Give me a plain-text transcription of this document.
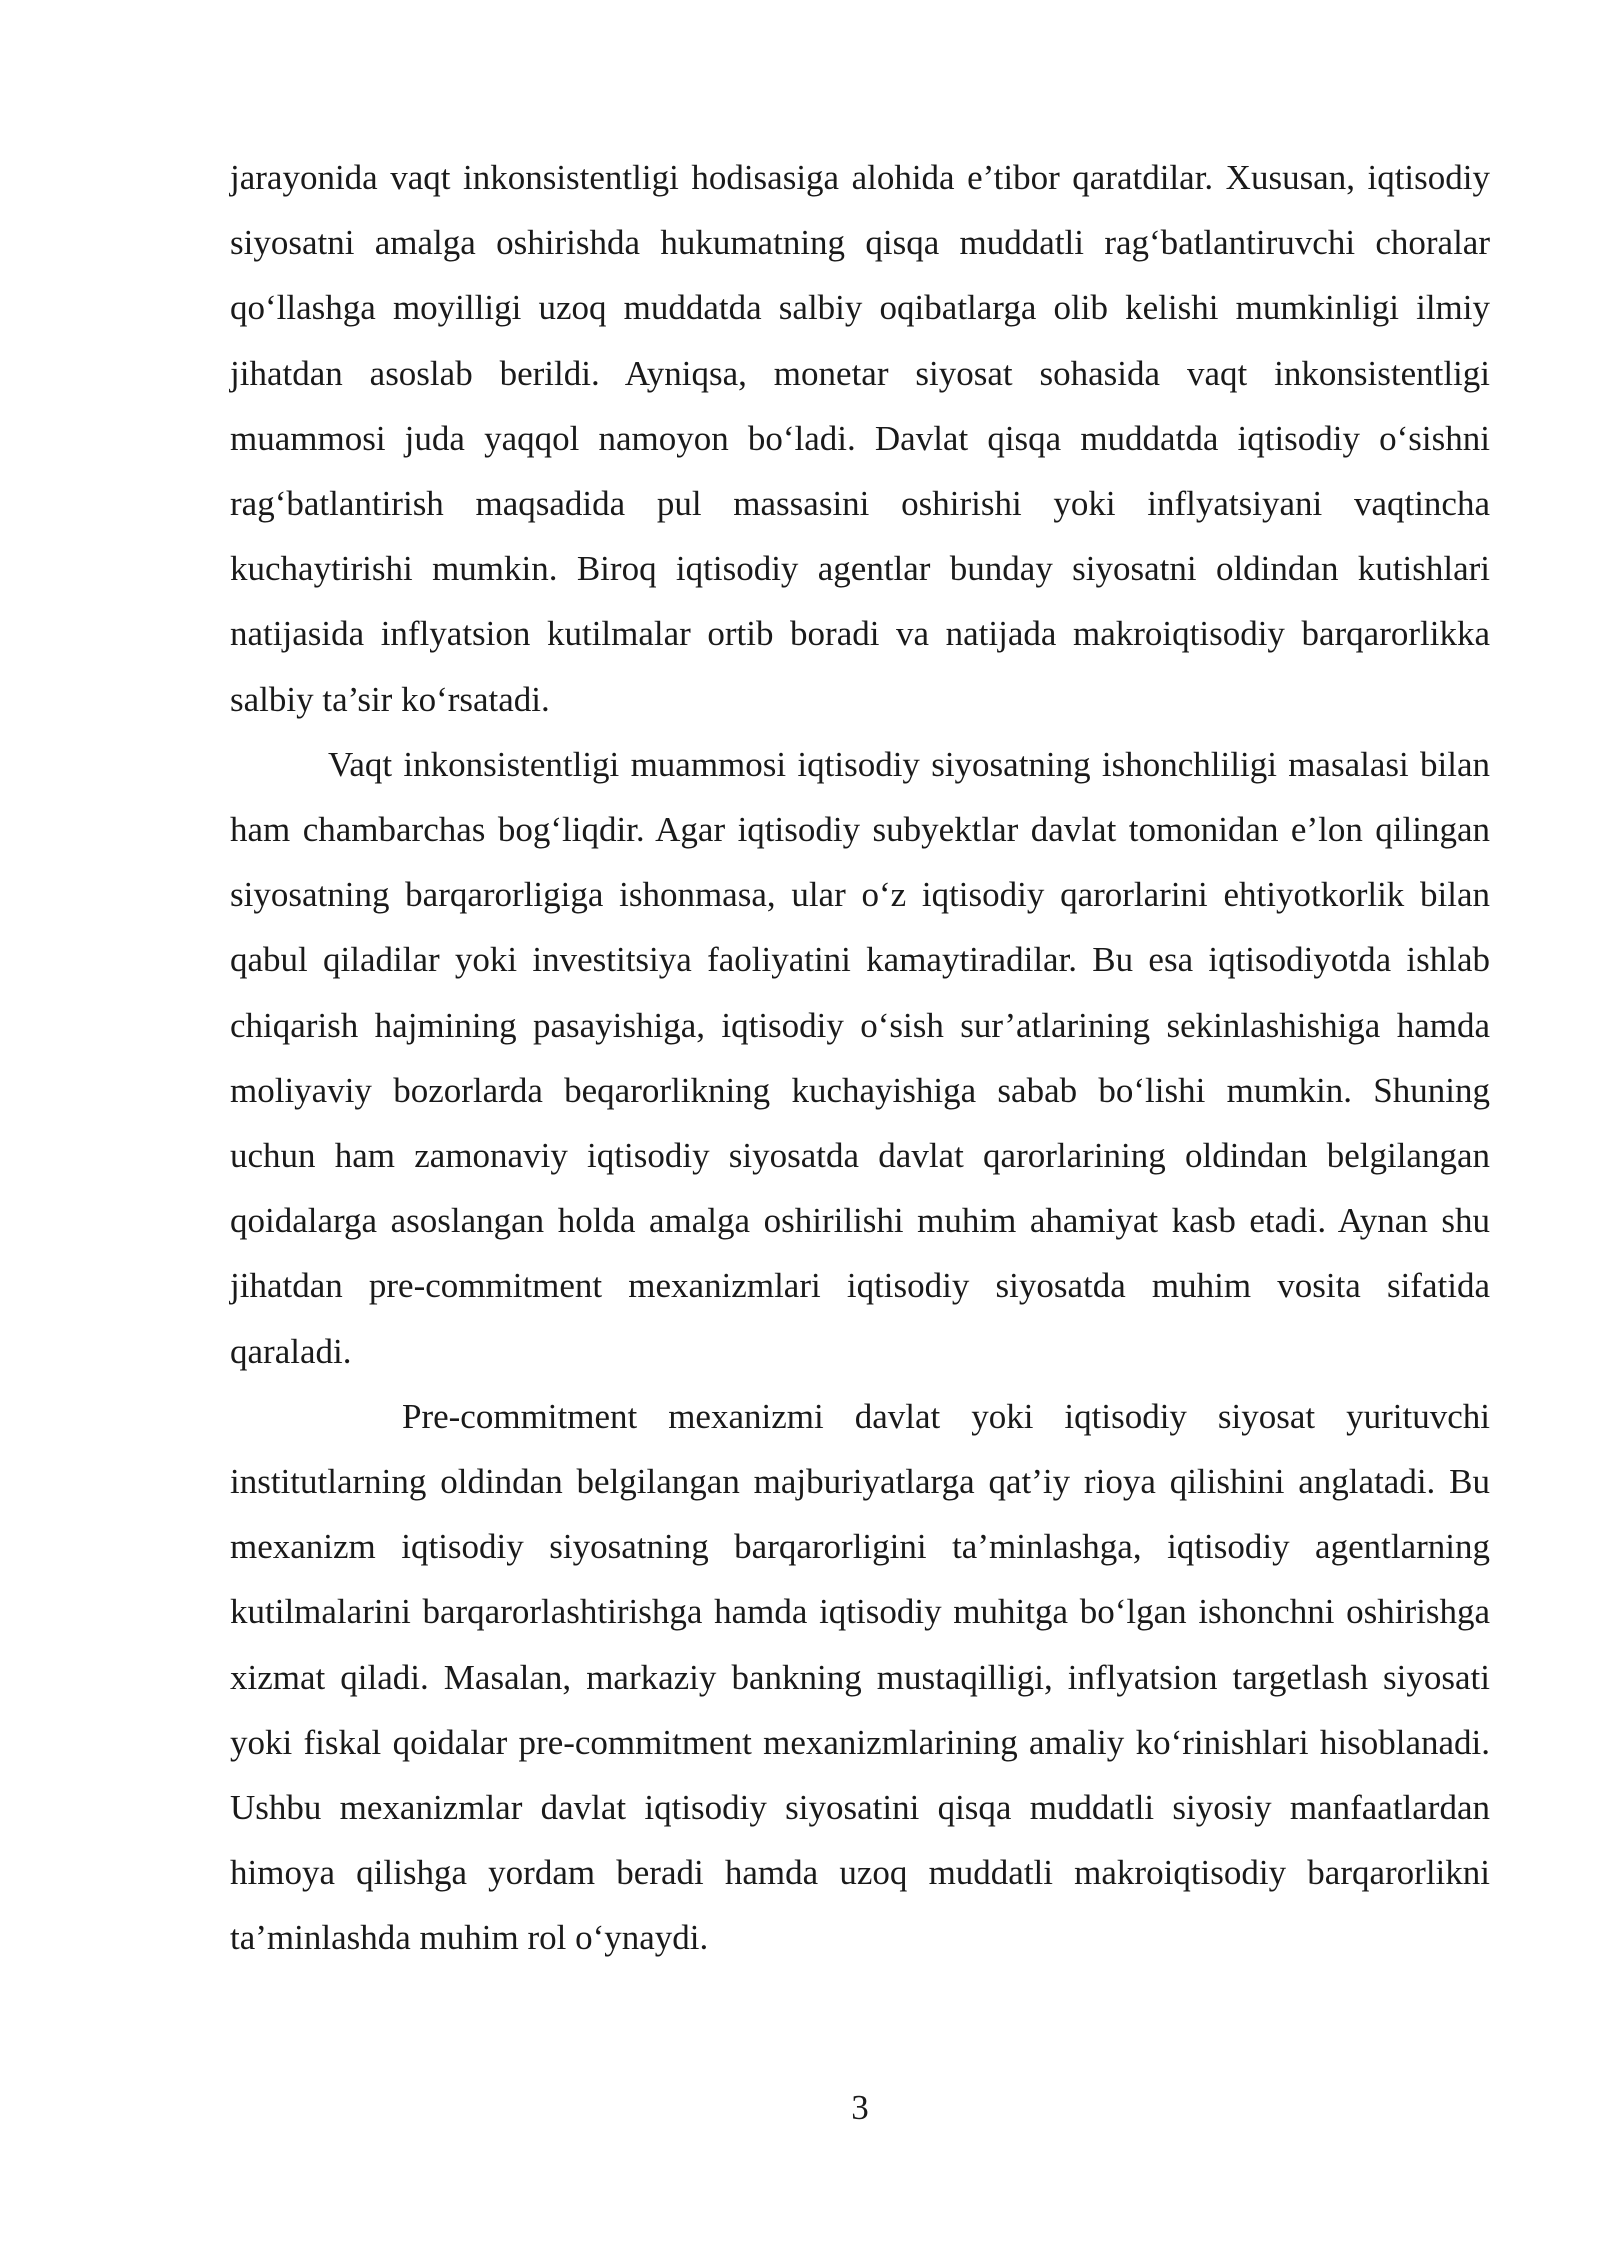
jarayonida vaqt inkonsistentligi hodisasiga alohida e’tibor qaratdilar. Xususan, iqtisodiy siyosatni amalga oshirishda hukumatning qisqa muddatli rag‘batlantiruvchi choralar qo‘llashga moyilligi uzoq muddatda salbiy oqibatlarga olib kelishi mumkinligi ilmiy jihatdan asoslab berildi. Ayniqsa, monetar siyosat sohasida vaqt inkonsistentligi muammosi juda yaqqol namoyon bo‘ladi. Davlat qisqa muddatda iqtisodiy o‘sishni rag‘batlantirish maqsadida pul massasini oshirishi yoki inflyatsiyani vaqtincha kuchaytirishi mumkin. Biroq iqtisodiy agentlar bunday siyosatni oldindan kutishlari natijasida inflyatsion kutilmalar ortib boradi va natijada makroiqtisodiy barqarorlikka salbiy ta’sir ko‘rsatadi.

Vaqt inkonsistentligi muammosi iqtisodiy siyosatning ishonchliligi masalasi bilan ham chambarchas bog‘liqdir. Agar iqtisodiy subyektlar davlat tomonidan e’lon qilingan siyosatning barqarorligiga ishonmasa, ular o‘z iqtisodiy qarorlarini ehtiyotkorlik bilan qabul qiladilar yoki investitsiya faoliyatini kamaytiradilar. Bu esa iqtisodiyotda ishlab chiqarish hajmining pasayishiga, iqtisodiy o‘sish sur’atlarining sekinlashishiga hamda moliyaviy bozorlarda beqarorlikning kuchayishiga sabab bo‘lishi mumkin. Shuning uchun ham zamonaviy iqtisodiy siyosatda davlat qarorlarining oldindan belgilangan qoidalarga asoslangan holda amalga oshirilishi muhim ahamiyat kasb etadi. Aynan shu jihatdan pre-commitment mexanizmlari iqtisodiy siyosatda muhim vosita sifatida qaraladi.

Pre-commitment mexanizmi davlat yoki iqtisodiy siyosat yurituvchi institutlarning oldindan belgilangan majburiyatlarga qat’iy rioya qilishini anglatadi. Bu mexanizm iqtisodiy siyosatning barqarorligini ta’minlashga, iqtisodiy agentlarning kutilmalarini barqarorlashtirishga hamda iqtisodiy muhitga bo‘lgan ishonchni oshirishga xizmat qiladi. Masalan, markaziy bankning mustaqilligi, inflyatsion targetlash siyosati yoki fiskal qoidalar pre-commitment mexanizmlarining amaliy ko‘rinishlari hisoblanadi. Ushbu mexanizmlar davlat iqtisodiy siyosatini qisqa muddatli siyosiy manfaatlardan himoya qilishga yordam beradi hamda uzoq muddatli makroiqtisodiy barqarorlikni ta’minlashda muhim rol o‘ynaydi.

3
